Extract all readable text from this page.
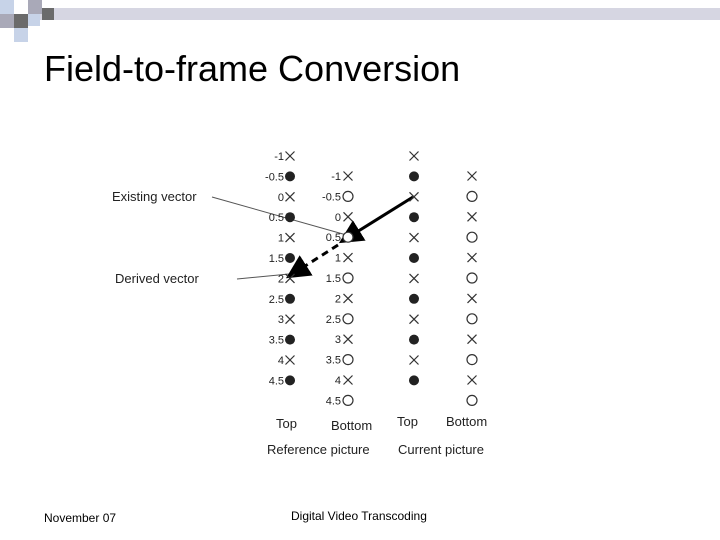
Field-to-frame Conversion
Existing vector
Derived vector
-1
-0.5
0
0.5
1
1.5
2
2.5
3
3.5
4
4.5
-1
-0.5
0
0.5
1
1.5
2
2.5
3
3.5
4
4.5
Top	Bottom Top Bottom
Reference picture Current picture
November 07	Digital Video Transcoding
